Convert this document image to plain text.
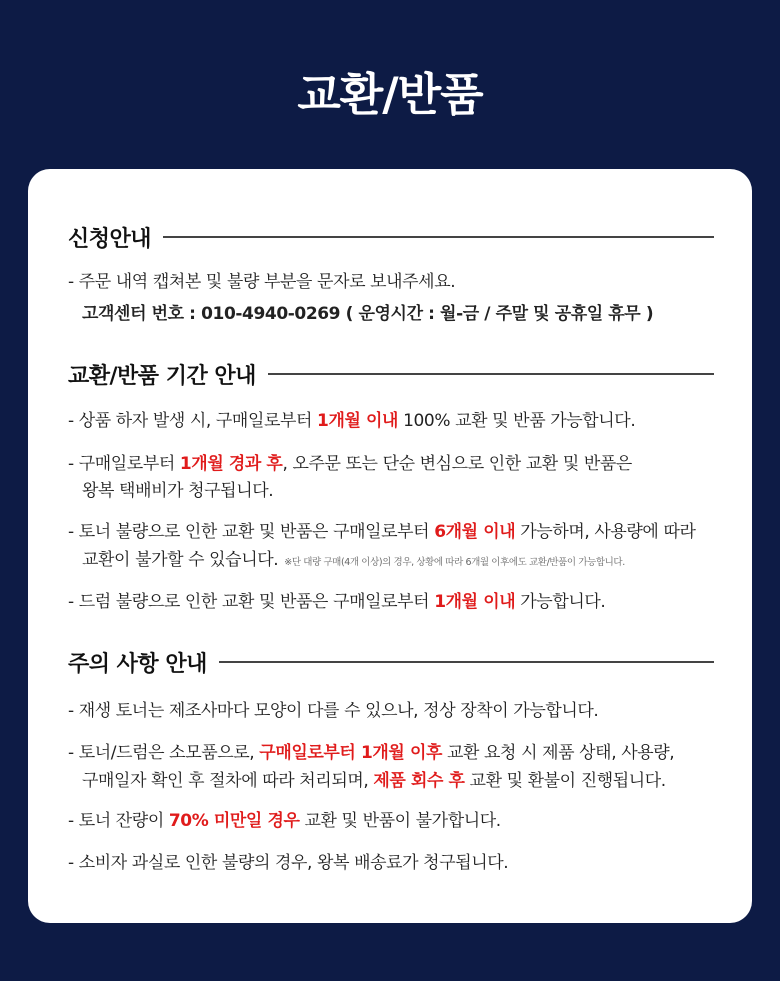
교환/반품
신청안내
- 주문 내역 캡쳐본 및 불량 부분을 문자로 보내주세요.
고객센터 번호 : 010-4940-0269 ( 운영시간 : 월-금 / 주말 및 공휴일 휴무 )
교환/반품 기간 안내
- 상품 하자 발생 시, 구매일로부터 1개월 이내 100% 교환 및 반품 가능합니다.
- 구매일로부터 1개월 경과 후, 오주문 또는 단순 변심으로 인한 교환 및 반품은
왕복 택배비가 청구됩니다.
- 토너 불량으로 인한 교환 및 반품은 구매일로부터 6개월 이내 가능하며, 사용량에 따라
교환이 불가할 수 있습니다. ※단 대량 구매(4개 이상)의 경우, 상황에 따라 6개월 이후에도 교환/반품이 가능합니다.
- 드럼 불량으로 인한 교환 및 반품은 구매일로부터 1개월 이내 가능합니다.
주의 사항 안내
- 재생 토너는 제조사마다 모양이 다를 수 있으나, 정상 장착이 가능합니다.
- 토너/드럼은 소모품으로, 구매일로부터 1개월 이후 교환 요청 시 제품 상태, 사용량,
구매일자 확인 후 절차에 따라 처리되며, 제품 회수 후 교환 및 환불이 진행됩니다.
- 토너 잔량이 70% 미만일 경우 교환 및 반품이 불가합니다.
- 소비자 과실로 인한 불량의 경우, 왕복 배송료가 청구됩니다.
